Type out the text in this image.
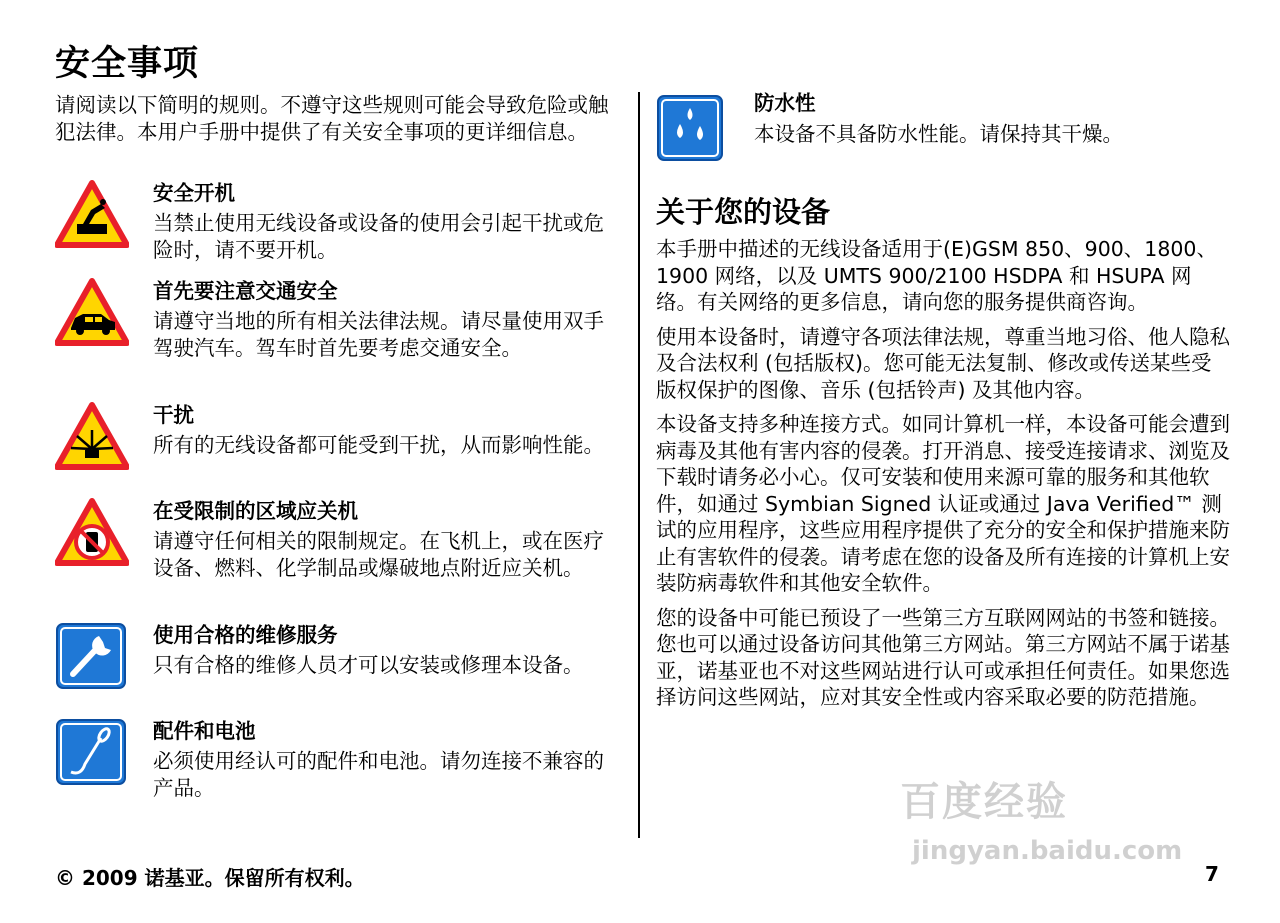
安全事项

请阅读以下简明的规则。不遵守这些规则可能会导致危险或触犯法律。本用户手册中提供了有关安全事项的更详细信息。

安全开机
当禁止使用无线设备或设备的使用会引起干扰或危险时，请不要开机。
首先要注意交通安全
请遵守当地的所有相关法律法规。请尽量使用双手驾驶汽车。驾车时首先要考虑交通安全。
干扰
所有的无线设备都可能受到干扰，从而影响性能。
在受限制的区域应关机
请遵守任何相关的限制规定。在飞机上，或在医疗设备、燃料、化学制品或爆破地点附近应关机。
使用合格的维修服务
只有合格的维修人员才可以安装或修理本设备。
配件和电池
必须使用经认可的配件和电池。请勿连接不兼容的产品。
防水性
本设备不具备防水性能。请保持其干燥。
关于您的设备

本手册中描述的无线设备适用于(E)GSM 850、900、1800、1900 网络，以及 UMTS 900/2100 HSDPA 和 HSUPA 网络。有关网络的更多信息，请向您的服务提供商咨询。

使用本设备时，请遵守各项法律法规，尊重当地习俗、他人隐私及合法权利 (包括版权)。您可能无法复制、修改或传送某些受版权保护的图像、音乐 (包括铃声) 及其他内容。

本设备支持多种连接方式。如同计算机一样，本设备可能会遭到病毒及其他有害内容的侵袭。打开消息、接受连接请求、浏览及下载时请务必小心。仅可安装和使用来源可靠的服务和其他软件，如通过 Symbian Signed 认证或通过 Java Verified™ 测试的应用程序，这些应用程序提供了充分的安全和保护措施来防止有害软件的侵袭。请考虑在您的设备及所有连接的计算机上安装防病毒软件和其他安全软件。

您的设备中可能已预设了一些第三方互联网网站的书签和链接。您也可以通过设备访问其他第三方网站。第三方网站不属于诺基亚，诺基亚也不对这些网站进行认可或承担任何责任。如果您选择访问这些网站，应对其安全性或内容采取必要的防范措施。

© 2009 诺基亚。保留所有权利。	7
百度经验
jingyan.baidu.com
